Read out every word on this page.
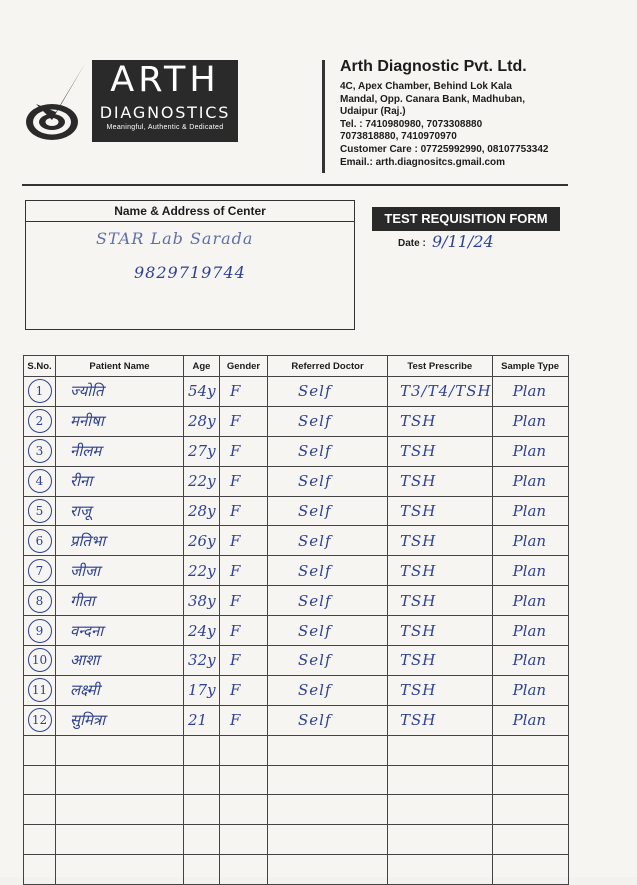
ARTH
DIAGNOSTICS
Meaningful, Authentic & Dedicated
Arth Diagnostic Pvt. Ltd.
4C, Apex Chamber, Behind Lok Kala
Mandal, Opp. Canara Bank, Madhuban,
Udaipur (Raj.)
Tel. : 7410980980, 7073308880
7073818880, 7410970970
Customer Care : 07725992990, 08107753342
Email.: arth.diagnositcs.gmail.com
Name & Address of Center
STAR Lab Sarada
9829719744
TEST REQUISITION FORM
Date : 9/11/24
S.No.	Patient Name	Age	Gender	Referred Doctor	Test Prescribe	Sample Type
1	ज्योति	54y	F	Self	T3/T4/TSH	Plan
2	मनीषा	28y	F	Self	TSH	Plan
3	नीलम	27y	F	Self	TSH	Plan
4	रीना	22y	F	Self	TSH	Plan
5	राजू	28y	F	Self	TSH	Plan
6	प्रतिभा	26y	F	Self	TSH	Plan
7	जीजा	22y	F	Self	TSH	Plan
8	गीता	38y	F	Self	TSH	Plan
9	वन्दना	24y	F	Self	TSH	Plan
10	आशा	32y	F	Self	TSH	Plan
11	लक्ष्मी	17y	F	Self	TSH	Plan
12	सुमित्रा	21	F	Self	TSH	Plan
